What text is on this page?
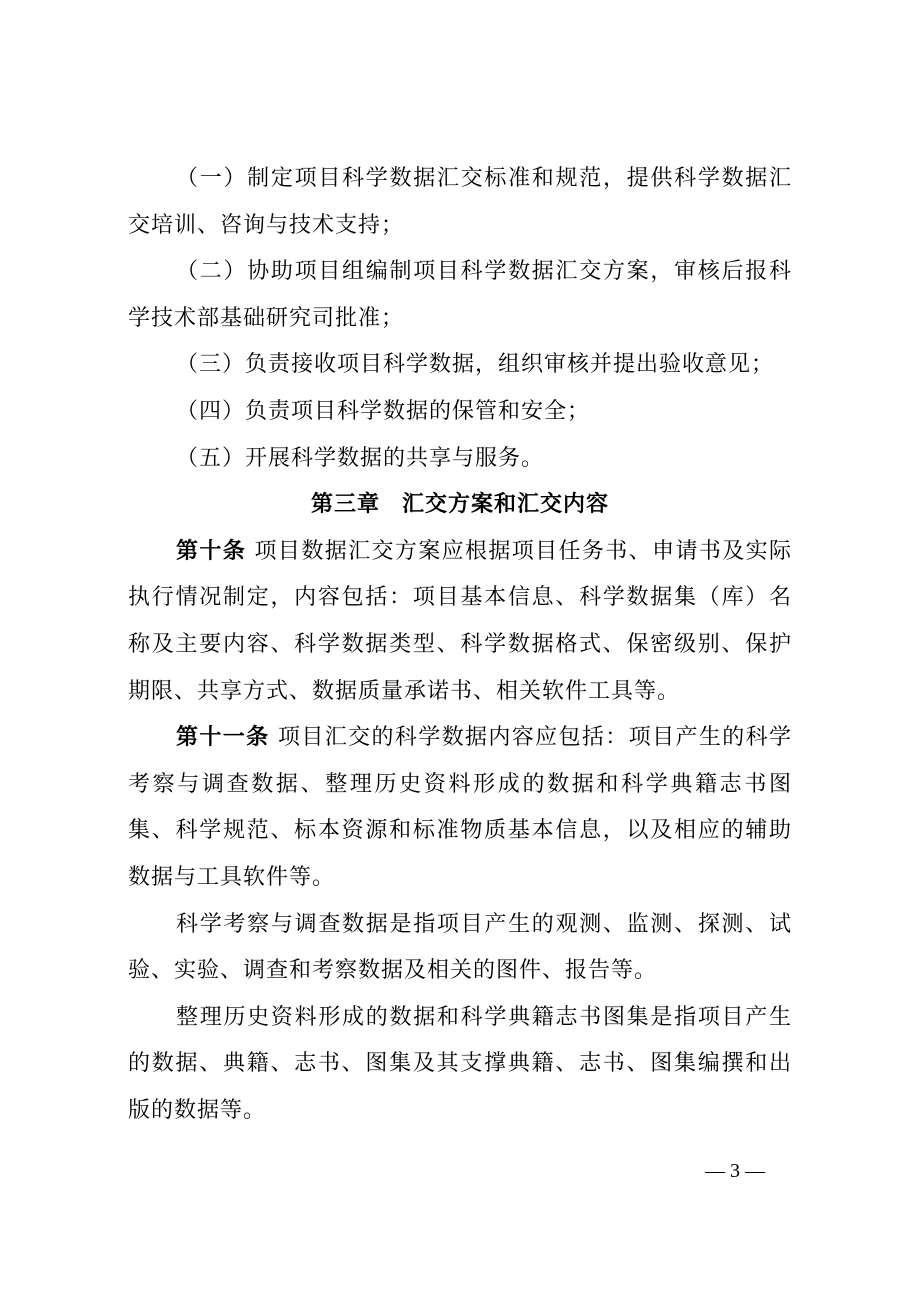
（一）制定项目科学数据汇交标准和规范，提供科学数据汇交培训、咨询与技术支持；

（二）协助项目组编制项目科学数据汇交方案，审核后报科学技术部基础研究司批准；

（三）负责接收项目科学数据，组织审核并提出验收意见；

（四）负责项目科学数据的保管和安全；

（五）开展科学数据的共享与服务。

第三章 汇交方案和汇交内容

第十条 项目数据汇交方案应根据项目任务书、申请书及实际执行情况制定，内容包括：项目基本信息、科学数据集（库）名称及主要内容、科学数据类型、科学数据格式、保密级别、保护期限、共享方式、数据质量承诺书、相关软件工具等。

第十一条 项目汇交的科学数据内容应包括：项目产生的科学考察与调查数据、整理历史资料形成的数据和科学典籍志书图集、科学规范、标本资源和标准物质基本信息，以及相应的辅助数据与工具软件等。

科学考察与调查数据是指项目产生的观测、监测、探测、试验、实验、调查和考察数据及相关的图件、报告等。

整理历史资料形成的数据和科学典籍志书图集是指项目产生的数据、典籍、志书、图集及其支撑典籍、志书、图集编撰和出版的数据等。

— 3 —
